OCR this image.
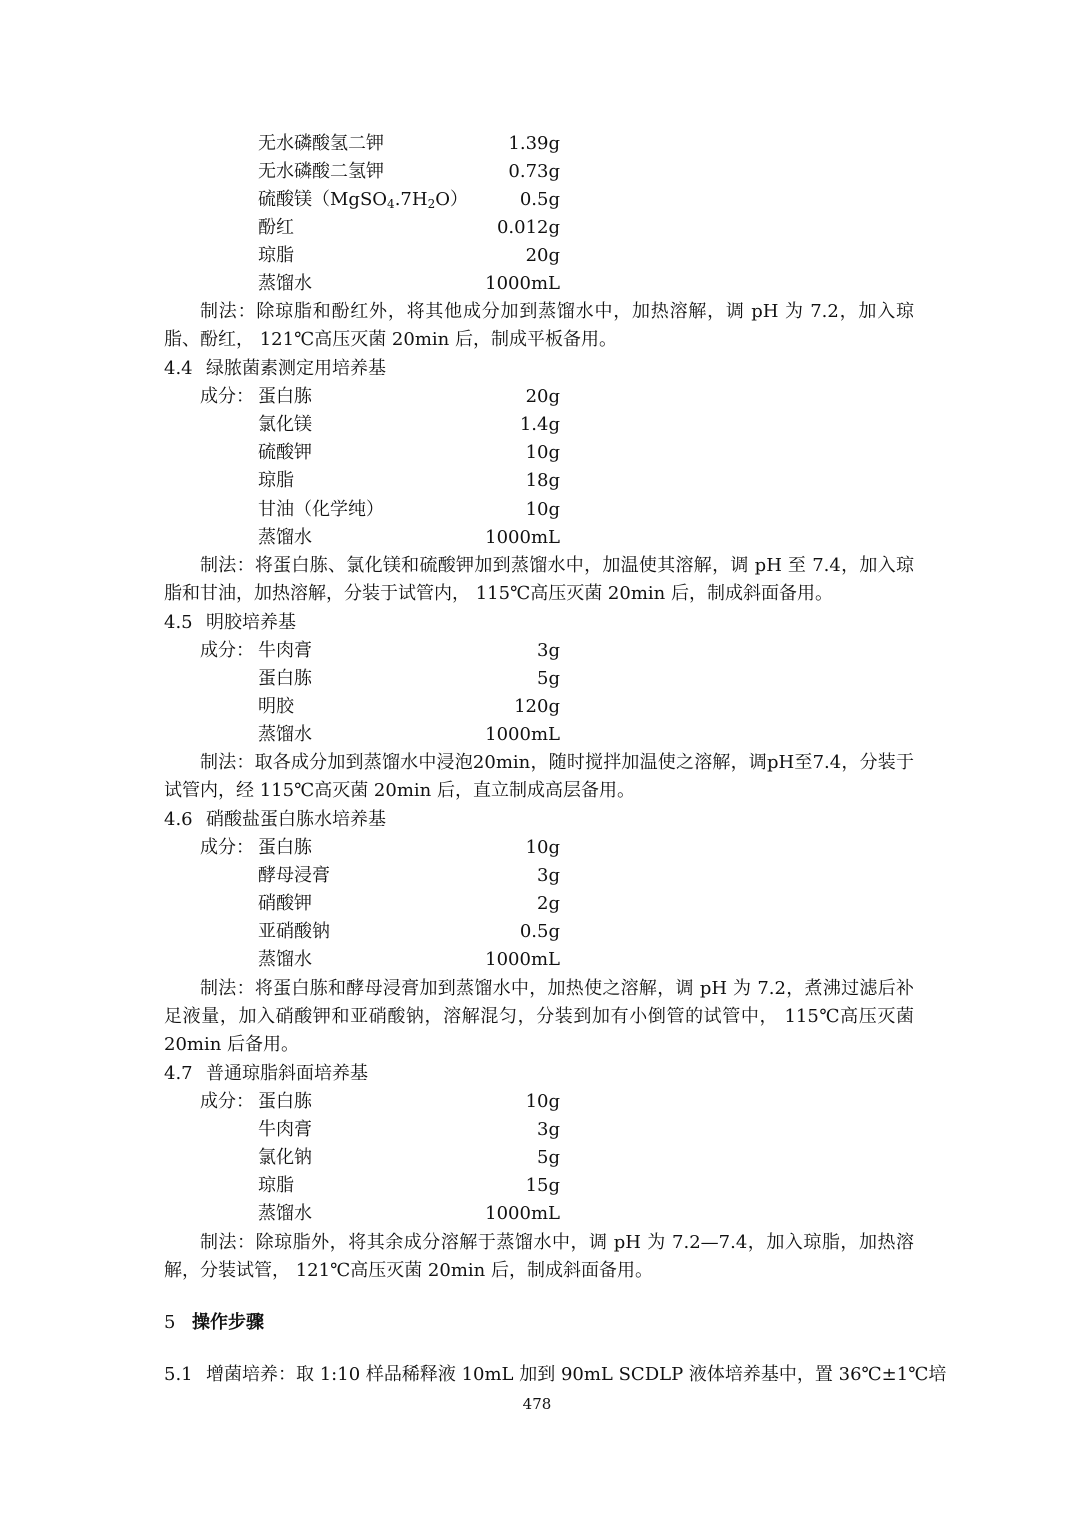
无水磷酸氢二钾	1.39g
无水磷酸二氢钾	0.73g
硫酸镁$(MgSO_4.7H_2O)$	0.5g
酚红	0.012g
琼脂	20g
蒸馏水	1000mL
制法：除琼脂和酚红外，将其他成分加到蒸馏水中，加热溶解，调 pH 为 7.2，加入琼脂、酚红， 121℃高压灭菌 20min 后，制成平板备用。
4.4 绿脓菌素测定用培养基
成分： 蛋白胨	20g
氯化镁	1.4g
硫酸钾	10g
琼脂	18g
甘油（化学纯）	10g
蒸馏水	1000mL
制法：将蛋白胨、氯化镁和硫酸钾加到蒸馏水中，加温使其溶解，调 pH 至 7.4，加入琼脂和甘油，加热溶解，分装于试管内， 115℃高压灭菌 20min 后，制成斜面备用。
4.5 明胶培养基
成分： 牛肉膏	3g
蛋白胨	5g
明胶	120g
蒸馏水	1000mL
制法：取各成分加到蒸馏水中浸泡20min，随时搅拌加温使之溶解，调pH至7.4，分装于试管内，经 115℃高灭菌 20min 后，直立制成高层备用。
4.6 硝酸盐蛋白胨水培养基
成分： 蛋白胨	10g
酵母浸膏	3g
硝酸钾	2g
亚硝酸钠	0.5g
蒸馏水	1000mL
制法：将蛋白胨和酵母浸膏加到蒸馏水中，加热使之溶解，调 pH 为 7.2，煮沸过滤后补足液量，加入硝酸钾和亚硝酸钠，溶解混匀，分装到加有小倒管的试管中， 115℃高压灭菌 20min 后备用。
4.7 普通琼脂斜面培养基
成分： 蛋白胨	10g
牛肉膏	3g
氯化钠	5g
琼脂	15g
蒸馏水	1000mL
制法：除琼脂外，将其余成分溶解于蒸馏水中，调 pH 为 7.2—7.4，加入琼脂，加热溶解，分装试管， 121℃高压灭菌 20min 后，制成斜面备用。
5 操作步骤
5.1 增菌培养：取 1:10 样品稀释液 10mL 加到 90mL SCDLP 液体培养基中，置 36℃±1℃培
478
